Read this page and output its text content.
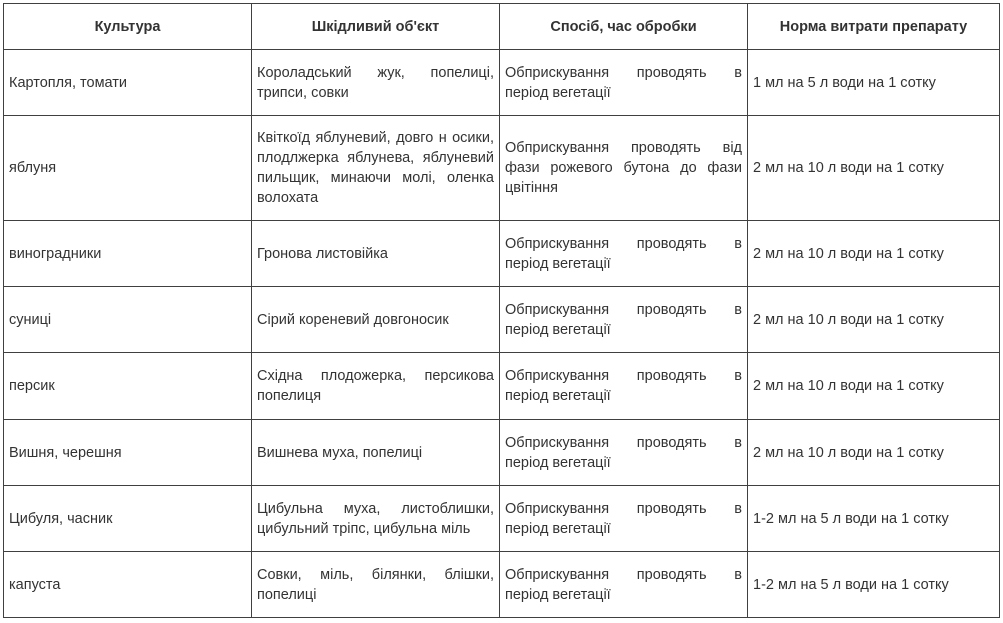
Культура	Шкідливий об'єкт	Спосіб, час обробки	Норма витрати препарату
Картопля, томати	Короладський жук, попелиці, трипси, совки	Обприскування проводять в період вегетації	1 мл на 5 л води на 1 сотку
яблуня	Квіткоїд яблуневий, довго н осики, плодлжерка яблунева, яблуневий пильщик, минаючи молі, оленка волохата	Обприскування проводять від фази рожевого бутона до фази цвітіння	2 мл на 10 л води на 1 сотку
виноградники	Гронова листовійка	Обприскування проводять в період вегетації	2 мл на 10 л води на 1 сотку
суниці	Сірий кореневий довгоносик	Обприскування проводять в період вегетації	2 мл на 10 л води на 1 сотку
персик	Східна плодожерка, персикова попелиця	Обприскування проводять в період вегетації	2 мл на 10 л води на 1 сотку
Вишня, черешня	Вишнева муха, попелиці	Обприскування проводять в період вегетації	2 мл на 10 л води на 1 сотку
Цибуля, часник	Цибульна муха, листоблишки, цибульний тріпс, цибульна міль	Обприскування проводять в період вегетації	1-2 мл на 5 л води на 1 сотку
капуста	Совки, міль, білянки, блішки, попелиці	Обприскування проводять в період вегетації	1-2 мл на 5 л води на 1 сотку
